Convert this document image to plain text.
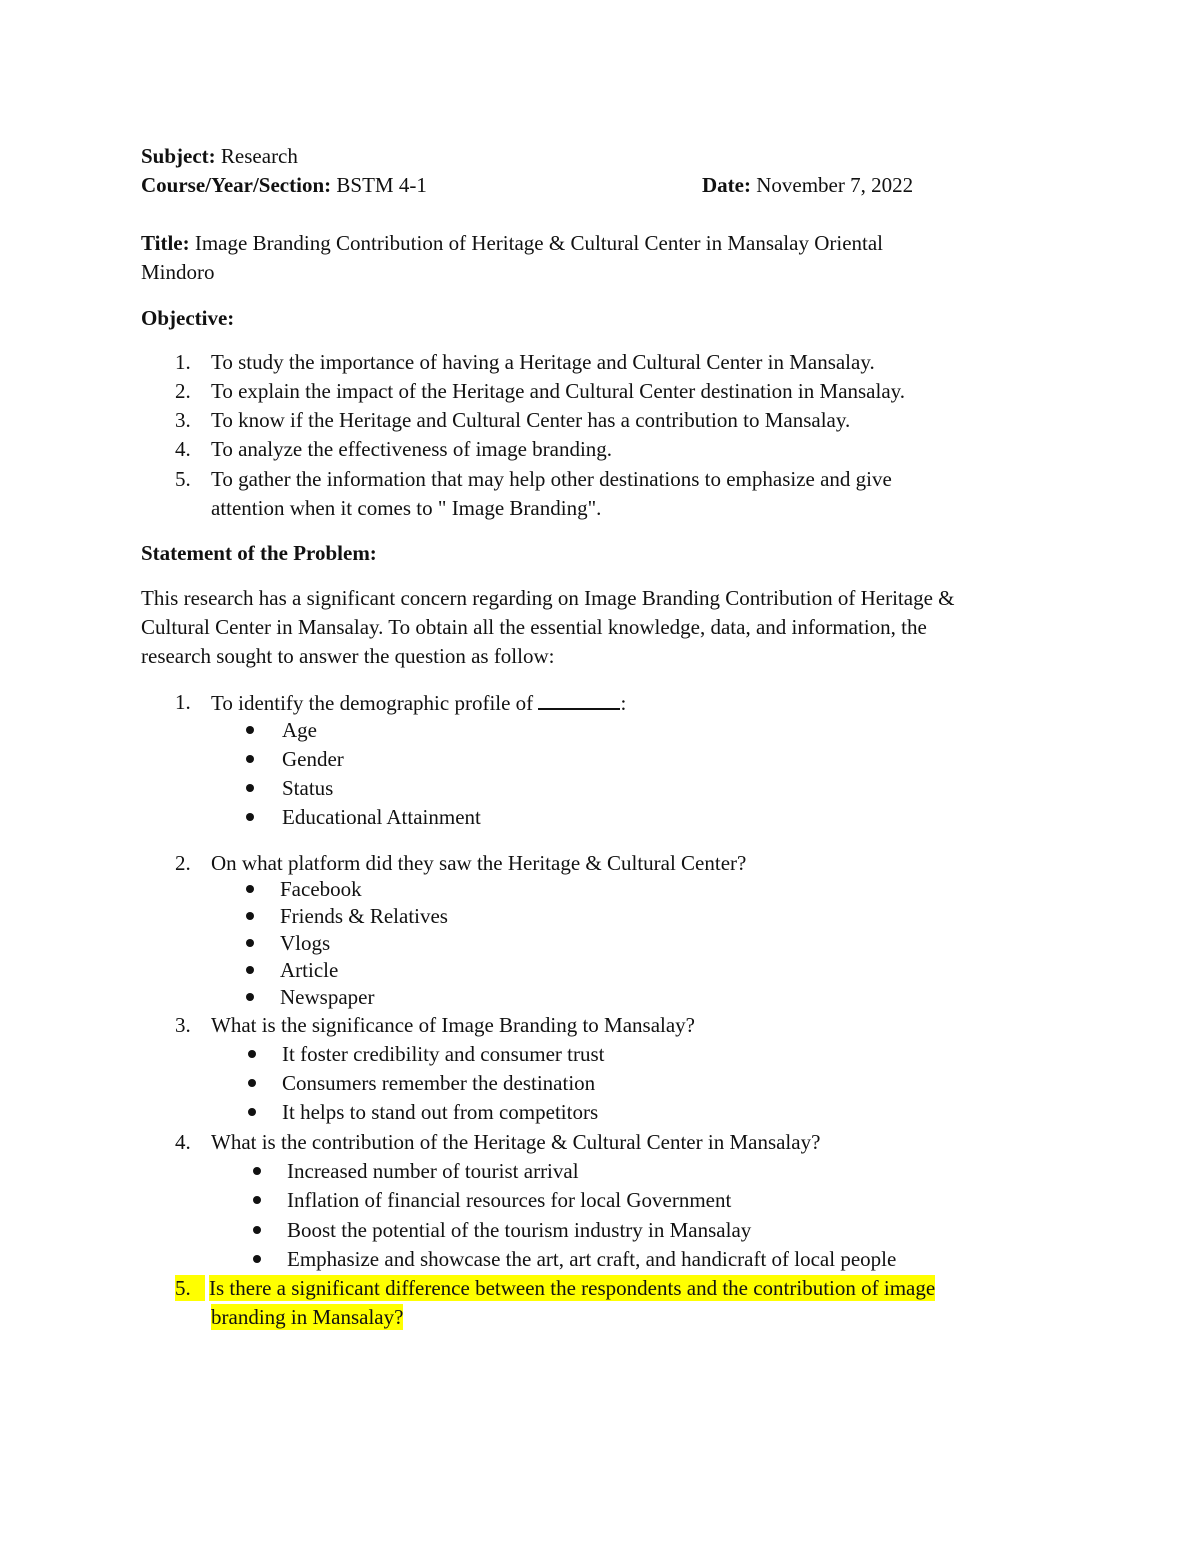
Subject: Research
Course/Year/Section: BSTM 4-1	Date: November 7, 2022
Title: Image Branding Contribution of Heritage & Cultural Center in Mansalay Oriental
Mindoro
Objective:
1. To study the importance of having a Heritage and Cultural Center in Mansalay.
2. To explain the impact of the Heritage and Cultural Center destination in Mansalay.
3. To know if the Heritage and Cultural Center has a contribution to Mansalay.
4. To analyze the effectiveness of image branding.
5. To gather the information that may help other destinations to emphasize and give
attention when it comes to " Image Branding".
Statement of the Problem:
This research has a significant concern regarding on Image Branding Contribution of Heritage &
Cultural Center in Mansalay. To obtain all the essential knowledge, data, and information, the
research sought to answer the question as follow:
1. To identify the demographic profile of	:
Age
Gender
Status
Educational Attainment
2. On what platform did they saw the Heritage & Cultural Center?
Facebook
Friends & Relatives
Vlogs
Article
Newspaper
3. What is the significance of Image Branding to Mansalay?
It foster credibility and consumer trust
Consumers remember the destination
It helps to stand out from competitors
4. What is the contribution of the Heritage & Cultural Center in Mansalay?
Increased number of tourist arrival
Inflation of financial resources for local Government
Boost the potential of the tourism industry in Mansalay
Emphasize and showcase the art, art craft, and handicraft of local people
5. Is there a significant difference between the respondents and the contribution of image
branding in Mansalay?
